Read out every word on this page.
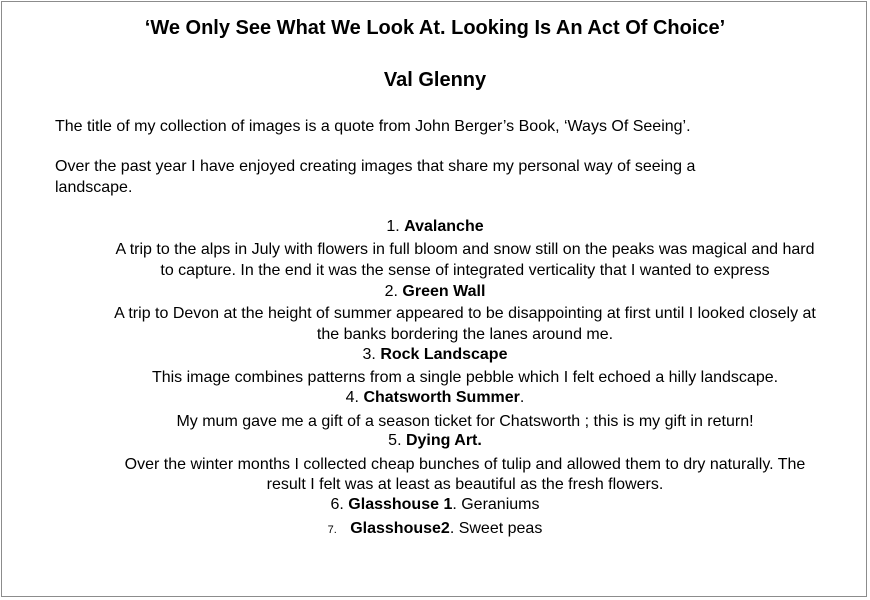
‘We Only See What We Look At. Looking Is An Act Of Choice’
Val Glenny
The title of my collection of images is a quote from John Berger’s Book, ‘Ways Of Seeing’.
Over the past year I have enjoyed creating images that share my personal way of seeing a
landscape.
1. Avalanche
A trip to the alps in July with flowers in full bloom and snow still on the peaks was magical and hard
to capture. In the end it was the sense of integrated verticality that I wanted to express
2. Green Wall
A trip to Devon at the height of summer appeared to be disappointing at first until I looked closely at
the banks bordering the lanes around me.
3. Rock Landscape
This image combines patterns from a single pebble which I felt echoed a hilly landscape.
4. Chatsworth Summer.
My mum gave me a gift of a season ticket for Chatsworth ; this is my gift in return!
5. Dying Art.
Over the winter months I collected cheap bunches of tulip and allowed them to dry naturally. The
result I felt was at least as beautiful as the fresh flowers.
6. Glasshouse 1. Geraniums
7. Glasshouse2. Sweet peas
